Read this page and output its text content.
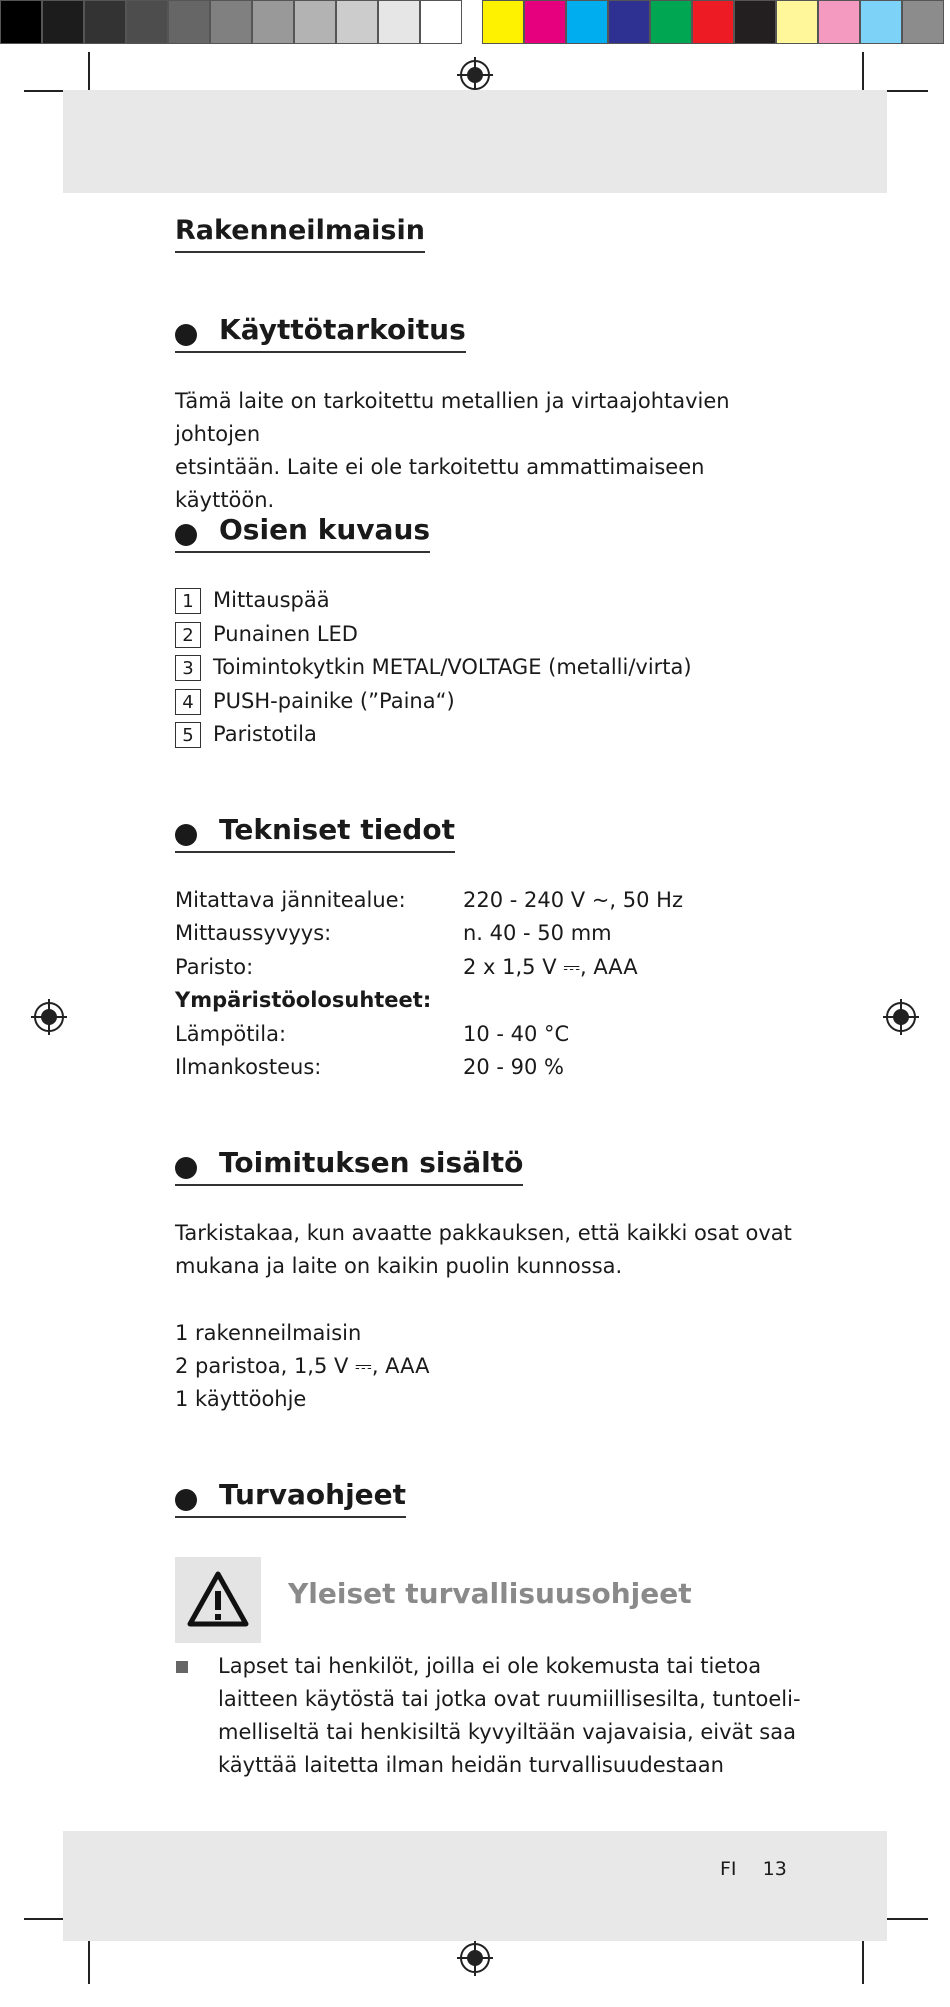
Rakenneilmaisin
Käyttötarkoitus
Tämä laite on tarkoitettu metallien ja virtaajohtavien johtojen
etsintään. Laite ei ole tarkoitettu ammattimaiseen käyttöön.
Osien kuvaus
1 Mittauspää
2 Punainen LED
3 Toimintokytkin METAL/VOLTAGE (metalli/virta)
4 PUSH-painike (”Paina“)
5 Paristotila
Tekniset tiedot
Mitattava jännitealue:	220 - 240 V ~, 50 Hz
Mittaussyvyys:	n. 40 - 50 mm
Paristo:	2 x 1,5 V ⎓, AAA
Ympäristöolosuhteet:
Lämpötila:	10 - 40 °C
Ilmankosteus:	20 - 90 %
Toimituksen sisältö
Tarkistakaa, kun avaatte pakkauksen, että kaikki osat ovat
mukana ja laite on kaikin puolin kunnossa.
1 rakenneilmaisin
2 paristoa, 1,5 V ⎓, AAA
1 käyttöohje
Turvaohjeet
Yleiset turvallisuusohjeet
Lapset tai henkilöt, joilla ei ole kokemusta tai tietoa
laitteen käytöstä tai jotka ovat ruumiillisesilta, tuntoeli-
melliseltä tai henkisiltä kyvyiltään vajavaisia, eivät saa
käyttää laitetta ilman heidän turvallisuudestaan
FI 13
